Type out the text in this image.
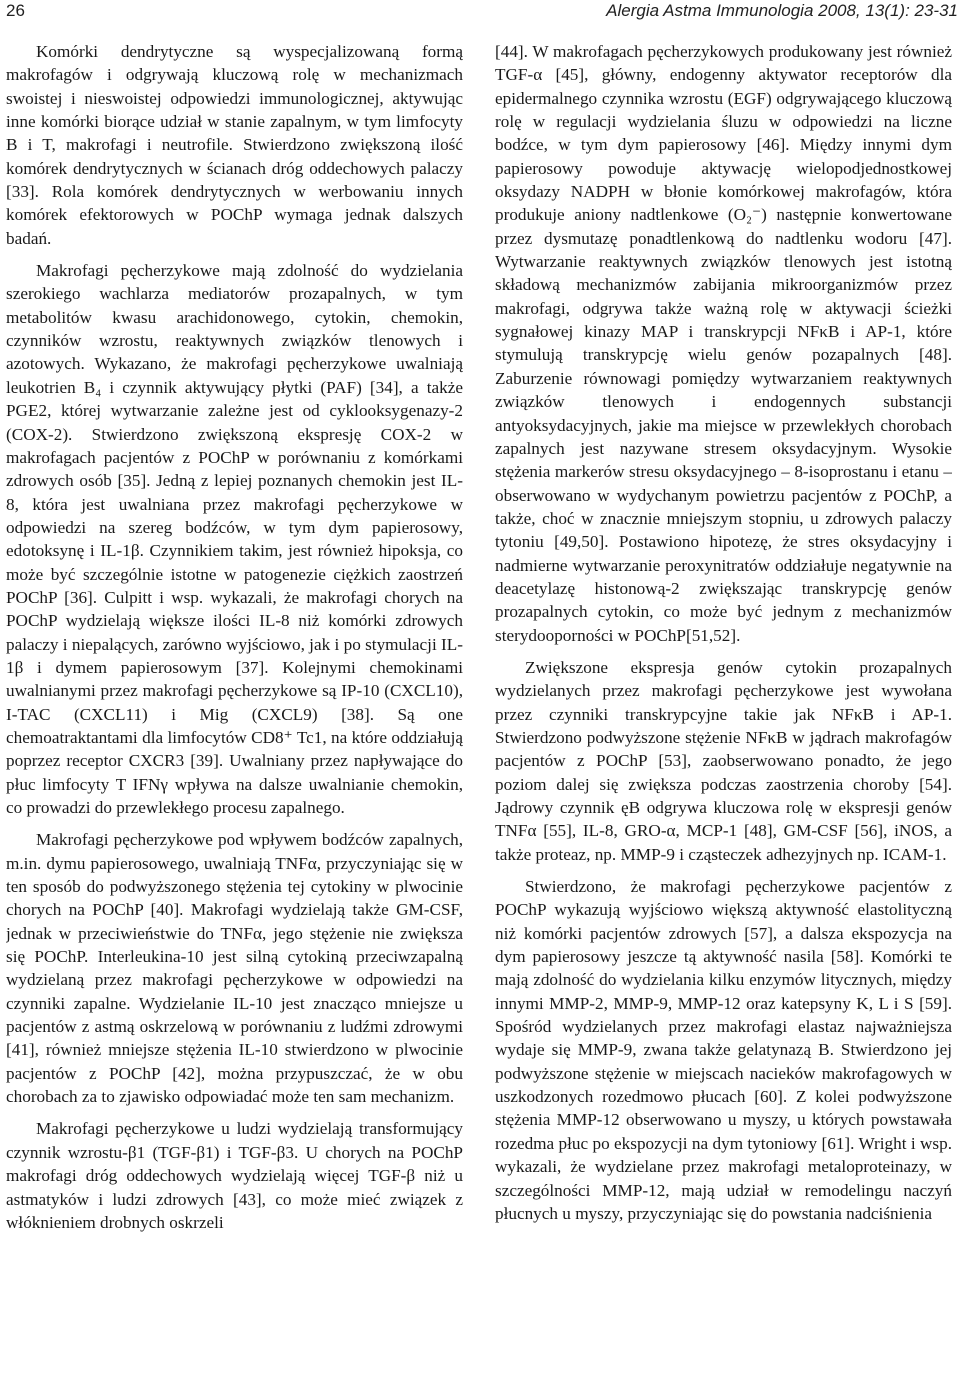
26	Alergia Astma Immunologia 2008, 13(1): 23-31

Komórki dendrytyczne są wyspecjalizowaną formą makrofagów i odgrywają kluczową rolę w mechanizmach swoistej i nieswoistej odpowiedzi immunologicznej, aktywując inne komórki biorące udział w stanie zapalnym, w tym limfocyty B i T, makrofagi i neutrofile. Stwierdzono zwiększoną ilość komórek dendrytycznych w ścianach dróg oddechowych palaczy [33]. Rola komórek dendrytycznych w werbowaniu innych komórek efektorowych w POChP wymaga jednak dalszych badań.

Makrofagi pęcherzykowe mają zdolność do wydzielania szerokiego wachlarza mediatorów prozapalnych, w tym metabolitów kwasu arachidonowego, cytokin, chemokin, czynników wzrostu, reaktywnych związków tlenowych i azotowych. Wykazano, że makrofagi pęcherzykowe uwalniają leukotrien B₄ i czynnik aktywujący płytki (PAF) [34], a także PGE2, której wytwarzanie zależne jest od cyklooksygenazy-2 (COX-2). Stwierdzono zwiększoną ekspresję COX-2 w makrofagach pacjentów z POChP w porównaniu z komórkami zdrowych osób [35]. Jedną z lepiej poznanych chemokin jest IL-8, która jest uwalniana przez makrofagi pęcherzykowe w odpowiedzi na szereg bodźców, w tym dym papierosowy, edotoksynę i IL-1β. Czynnikiem takim, jest również hipoksja, co może być szczególnie istotne w patogenezie ciężkich zaostrzeń POChP [36]. Culpitt i wsp. wykazali, że makrofagi chorych na POChP wydzielają większe ilości IL-8 niż komórki zdrowych palaczy i niepalących, zarówno wyjściowo, jak i po stymulacji IL-1β i dymem papierosowym [37]. Kolejnymi chemokinami uwalnianymi przez makrofagi pęcherzykowe są IP-10 (CXCL10), I-TAC (CXCL11) i Mig (CXCL9) [38]. Są one chemoatraktantami dla limfocytów CD8⁺ Tc1, na które oddziałują poprzez receptor CXCR3 [39]. Uwalniany przez napływające do płuc limfocyty T IFNγ wpływa na dalsze uwalnianie chemokin, co prowadzi do przewlekłego procesu zapalnego.

Makrofagi pęcherzykowe pod wpływem bodźców zapalnych, m.in. dymu papierosowego, uwalniają TNFα, przyczyniając się w ten sposób do podwyższonego stężenia tej cytokiny w plwocinie chorych na POChP [40]. Makrofagi wydzielają także GM-CSF, jednak w przeciwieństwie do TNFα, jego stężenie nie zwiększa się POChP. Interleukina-10 jest silną cytokiną przeciwzapalną wydzielaną przez makrofagi pęcherzykowe w odpowiedzi na czynniki zapalne. Wydzielanie IL-10 jest znacząco mniejsze u pacjentów z astmą oskrzelową w porównaniu z ludźmi zdrowymi [41], również mniejsze stężenia IL-10 stwierdzono w plwocinie pacjentów z POChP [42], można przypuszczać, że w obu chorobach za to zjawisko odpowiadać może ten sam mechanizm.

Makrofagi pęcherzykowe u ludzi wydzielają transformujący czynnik wzrostu-β1 (TGF-β1) i TGF-β3. U chorych na POChP makrofagi dróg oddechowych wydzielają więcej TGF-β niż u astmatyków i ludzi zdrowych [43], co może mieć związek z włóknieniem drobnych oskrzeli

[44]. W makrofagach pęcherzykowych produkowany jest również TGF-α [45], główny, endogenny aktywator receptorów dla epidermalnego czynnika wzrostu (EGF) odgrywającego kluczową rolę w regulacji wydzielania śluzu w odpowiedzi na liczne bodźce, w tym dym papierosowy [46]. Między innymi dym papierosowy powoduje aktywację wielopodjednostkowej oksydazy NADPH w błonie komórkowej makrofagów, która produkuje aniony nadtlenkowe (O₂⁻) następnie konwertowane przez dysmutazę ponadtlenkową do nadtlenku wodoru [47]. Wytwarzanie reaktywnych związków tlenowych jest istotną składową mechanizmów zabijania mikroorganizmów przez makrofagi, odgrywa także ważną rolę w aktywacji ścieżki sygnałowej kinazy MAP i transkrypcji NFκB i AP-1, które stymulują transkrypcję wielu genów pozapalnych [48]. Zaburzenie równowagi pomiędzy wytwarzaniem reaktywnych związków tlenowych i endogennych substancji antyoksydacyjnych, jakie ma miejsce w przewlekłych chorobach zapalnych jest nazywane stresem oksydacyjnym. Wysokie stężenia markerów stresu oksydacyjnego – 8-isoprostanu i etanu – obserwowano w wydychanym powietrzu pacjentów z POChP, a także, choć w znacznie mniejszym stopniu, u zdrowych palaczy tytoniu [49,50]. Postawiono hipotezę, że stres oksydacyjny i nadmierne wytwarzanie peroxynitratów oddziałuje negatywnie na deacetylazę histonową-2 zwiększając transkrypcję genów prozapalnych cytokin, co może być jednym z mechanizmów sterydooporności w POChP[51,52].

Zwiększone ekspresja genów cytokin prozapalnych wydzielanych przez makrofagi pęcherzykowe jest wywołana przez czynniki transkrypcyjne takie jak NFκB i AP-1. Stwierdzono podwyższone stężenie NFκB w jądrach makrofagów pacjentów z POChP [53], zaobserwowano ponadto, że jego poziom dalej się zwiększa podczas zaostrzenia choroby [54]. Jądrowy czynnik ęB odgrywa kluczowa rolę w ekspresji genów TNFα [55], IL-8, GRO-α, MCP-1 [48], GM-CSF [56], iNOS, a także proteaz, np. MMP-9 i cząsteczek adhezyjnych np. ICAM-1.

Stwierdzono, że makrofagi pęcherzykowe pacjentów z POChP wykazują wyjściowo większą aktywność elastolityczną niż komórki pacjentów zdrowych [57], a dalsza ekspozycja na dym papierosowy jeszcze tą aktywność nasila [58]. Komórki te mają zdolność do wydzielania kilku enzymów litycznych, między innymi MMP-2, MMP-9, MMP-12 oraz katepsyny K, L i S [59]. Spośród wydzielanych przez makrofagi elastaz najważniejsza wydaje się MMP-9, zwana także gelatynazą B. Stwierdzono jej podwyższone stężenie w miejscach nacieków makrofagowych w uszkodzonych rozedmowo płucach [60]. Z kolei podwyższone stężenia MMP-12 obserwowano u myszy, u których powstawała rozedma płuc po ekspozycji na dym tytoniowy [61]. Wright i wsp. wykazali, że wydzielane przez makrofagi metaloproteinazy, w szczególności MMP-12, mają udział w remodelingu naczyń płucnych u myszy, przyczyniając się do powstania nadciśnienia
